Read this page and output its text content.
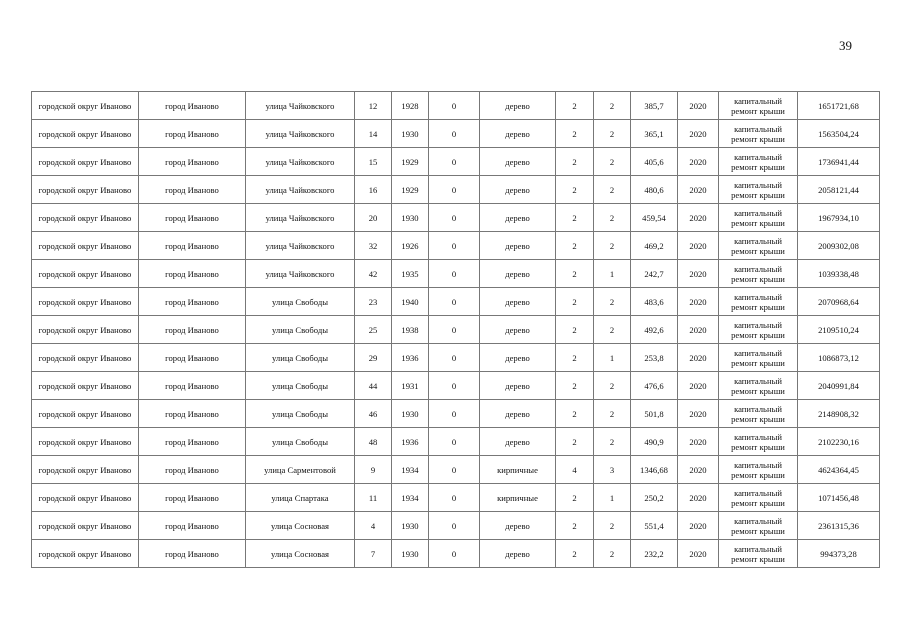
39
городской округ Иваново	город Иваново	улица Чайковского	12	1928	0	дерево	2	2	385,7	2020	капитальный ремонт крыши	1651721,68
городской округ Иваново	город Иваново	улица Чайковского	14	1930	0	дерево	2	2	365,1	2020	капитальный ремонт крыши	1563504,24
городской округ Иваново	город Иваново	улица Чайковского	15	1929	0	дерево	2	2	405,6	2020	капитальный ремонт крыши	1736941,44
городской округ Иваново	город Иваново	улица Чайковского	16	1929	0	дерево	2	2	480,6	2020	капитальный ремонт крыши	2058121,44
городской округ Иваново	город Иваново	улица Чайковского	20	1930	0	дерево	2	2	459,54	2020	капитальный ремонт крыши	1967934,10
городской округ Иваново	город Иваново	улица Чайковского	32	1926	0	дерево	2	2	469,2	2020	капитальный ремонт крыши	2009302,08
городской округ Иваново	город Иваново	улица Чайковского	42	1935	0	дерево	2	1	242,7	2020	капитальный ремонт крыши	1039338,48
городской округ Иваново	город Иваново	улица Свободы	23	1940	0	дерево	2	2	483,6	2020	капитальный ремонт крыши	2070968,64
городской округ Иваново	город Иваново	улица Свободы	25	1938	0	дерево	2	2	492,6	2020	капитальный ремонт крыши	2109510,24
городской округ Иваново	город Иваново	улица Свободы	29	1936	0	дерево	2	1	253,8	2020	капитальный ремонт крыши	1086873,12
городской округ Иваново	город Иваново	улица Свободы	44	1931	0	дерево	2	2	476,6	2020	капитальный ремонт крыши	2040991,84
городской округ Иваново	город Иваново	улица Свободы	46	1930	0	дерево	2	2	501,8	2020	капитальный ремонт крыши	2148908,32
городской округ Иваново	город Иваново	улица Свободы	48	1936	0	дерево	2	2	490,9	2020	капитальный ремонт крыши	2102230,16
городской округ Иваново	город Иваново	улица Сарментовой	9	1934	0	кирпичные	4	3	1346,68	2020	капитальный ремонт крыши	4624364,45
городской округ Иваново	город Иваново	улица Спартака	11	1934	0	кирпичные	2	1	250,2	2020	капитальный ремонт крыши	1071456,48
городской округ Иваново	город Иваново	улица Сосновая	4	1930	0	дерево	2	2	551,4	2020	капитальный ремонт крыши	2361315,36
городской округ Иваново	город Иваново	улица Сосновая	7	1930	0	дерево	2	2	232,2	2020	капитальный ремонт крыши	994373,28
